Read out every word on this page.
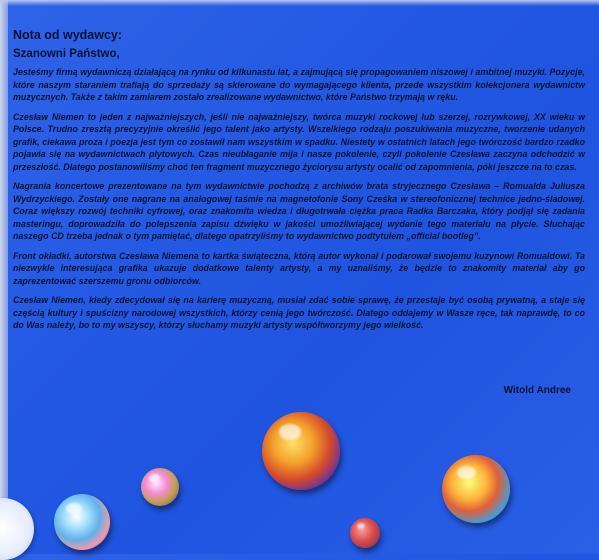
Nota od wydawcy:
Szanowni Państwo,

Jesteśmy firmą wydawniczą działającą na rynku od kilkunastu lat, a zajmującą się propagowaniem niszowej i ambitnej muzyki. Pozycje, które naszym staraniem trafiają do sprzedaży są skierowane do wymagającego klienta, przede wszystkim kolekcjonera wydawnictw muzycznych. Także z takim zamiarem zostało zrealizowane wydawnictwo, które Państwo trzymają w ręku.

Czesław Niemen to jeden z najważniejszych, jeśli nie najważniejszy, twórca muzyki rockowej lub szerzej, rozrywkowej, XX wieku w Polsce. Trudno zresztą precyzyjnie określić jego talent jako artysty. Wszelkiego rodzaju poszukiwania muzyczne, tworzenie udanych grafik, ciekawa proza i poezja jest tym co zostawił nam wszystkim w spadku. Niestety w ostatnich latach jego twórczość bardzo rzadko pojawia się na wydawnictwach płytowych. Czas nieubłaganie mija i nasze pokolenie, czyli pokolenie Czesława zaczyna odchodzić w przeszłość. Dlatego postanowiliśmy choć ten fragment muzycznego życiorysu artysty ocalić od zapomnienia, póki jeszcze na to czas.

Nagrania koncertowe prezentowane na tym wydawnictwie pochodzą z archiwów brata stryjecznego Czesława – Romualda Juliusza Wydrzyckiego. Zostały one nagrane na analogowej taśmie na magnetofonie Sony Cześka w stereofonicznej technice jedno-śladowej. Coraz większy rozwój techniki cyfrowej, oraz znakomita wiedza i długotrwała ciężka praca Radka Barczaka, który podjął się zadania masteringu, doprowadziła do polepszenia zapisu dźwięku w jakości umożliwiającej wydanie tego materiału na płycie. Słuchając naszego CD trzeba jednak o tym pamiętać, dlatego opatrzyliśmy to wydawnictwo podtytułem „official bootleg”.

Front okładki, autorstwa Czesława Niemena to kartka świąteczna, którą autor wykonał i podarował swojemu kuzynowi Romualdowi. Ta niezwykle interesująca grafika ukazuje dodatkowe talenty artysty, a my uznaliśmy, że będzie to znakomity materiał aby go zaprezentować szerszemu gronu odbiorców.

Czesław Niemen, kiedy zdecydował się na karierę muzyczną, musiał zdać sobie sprawę, że przestaje być osobą prywatną, a staje się częścią kultury i spuścizny narodowej wszystkich, którzy cenią jego twórczość. Dlatego oddajemy w Wasze ręce, tak naprawdę, to co do Was należy, bo to my wszyscy, którzy słuchamy muzyki artysty współtworzymy jego wielkość.

Witold Andree
